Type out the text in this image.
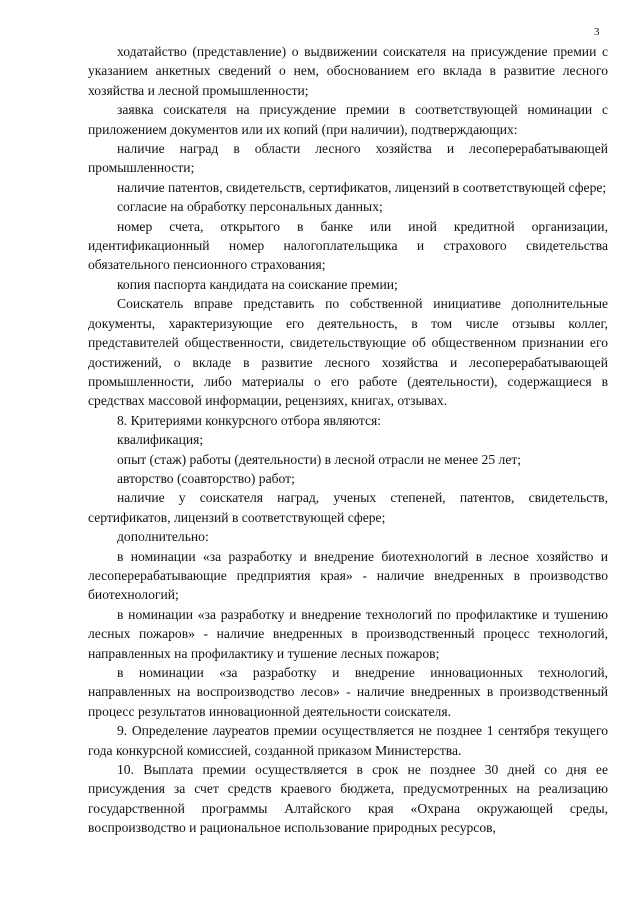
3

ходатайство (представление) о выдвижении соискателя на присуждение премии с указанием анкетных сведений о нем, обоснованием его вклада в развитие лесного хозяйства и лесной промышленности;

заявка соискателя на присуждение премии в соответствующей номинации с приложением документов или их копий (при наличии), подтверждающих:

наличие наград в области лесного хозяйства и лесоперерабатывающей промышленности;

наличие патентов, свидетельств, сертификатов, лицензий в соответствующей сфере;

согласие на обработку персональных данных;

номер счета, открытого в банке или иной кредитной организации, идентификационный номер налогоплательщика и страхового свидетельства обязательного пенсионного страхования;

копия паспорта кандидата на соискание премии;

Соискатель вправе представить по собственной инициативе дополнительные документы, характеризующие его деятельность, в том числе отзывы коллег, представителей общественности, свидетельствующие об общественном признании его достижений, о вкладе в развитие лесного хозяйства и лесоперерабатывающей промышленности, либо материалы о его работе (деятельности), содержащиеся в средствах массовой информации, рецензиях, книгах, отзывах.

8. Критериями конкурсного отбора являются:

квалификация;

опыт (стаж) работы (деятельности) в лесной отрасли не менее 25 лет;

авторство (соавторство) работ;

наличие у соискателя наград, ученых степеней, патентов, свидетельств, сертификатов, лицензий в соответствующей сфере;

дополнительно:

в номинации «за разработку и внедрение биотехнологий в лесное хозяйство и лесоперерабатывающие предприятия края» - наличие внедренных в производство биотехнологий;

в номинации «за разработку и внедрение технологий по профилактике и тушению лесных пожаров» - наличие внедренных в производственный процесс технологий, направленных на профилактику и тушение лесных пожаров;

в номинации «за разработку и внедрение инновационных технологий, направленных на воспроизводство лесов» - наличие внедренных в производственный процесс результатов инновационной деятельности соискателя.

9. Определение лауреатов премии осуществляется не позднее 1 сентября текущего года конкурсной комиссией, созданной приказом Министерства.

10. Выплата премии осуществляется в срок не позднее 30 дней со дня ее присуждения за счет средств краевого бюджета, предусмотренных на реализацию государственной программы Алтайского края «Охрана окружающей среды, воспроизводство и рациональное использование природных ресурсов,
